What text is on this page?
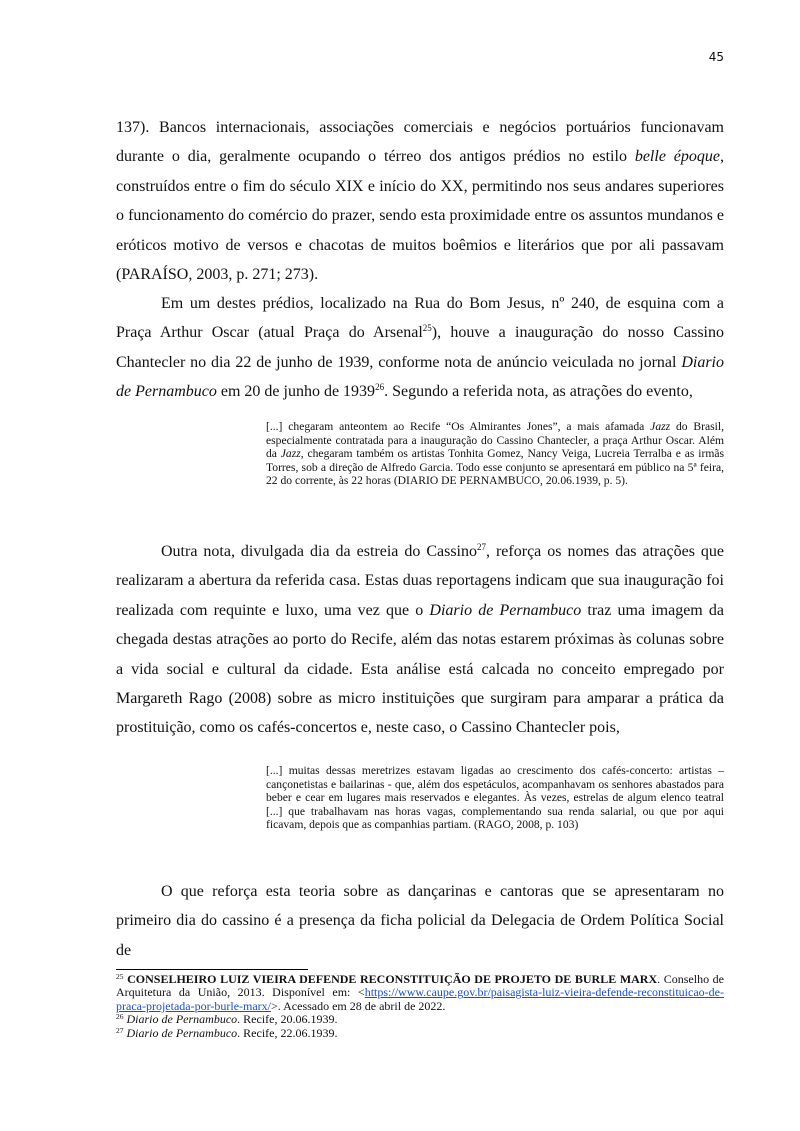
45

137). Bancos internacionais, associações comerciais e negócios portuários funcionavam durante o dia, geralmente ocupando o térreo dos antigos prédios no estilo belle époque, construídos entre o fim do século XIX e início do XX, permitindo nos seus andares superiores o funcionamento do comércio do prazer, sendo esta proximidade entre os assuntos mundanos e eróticos motivo de versos e chacotas de muitos boêmios e literários que por ali passavam (PARAÍSO, 2003, p. 271; 273).

Em um destes prédios, localizado na Rua do Bom Jesus, nº 240, de esquina com a Praça Arthur Oscar (atual Praça do Arsenal$^{25}$), houve a inauguração do nosso Cassino Chantecler no dia 22 de junho de 1939, conforme nota de anúncio veiculada no jornal Diario de Pernambuco em 20 de junho de 1939$^{26}$. Segundo a referida nota, as atrações do evento,

[...] chegaram anteontem ao Recife “Os Almirantes Jones”, a mais afamada Jazz do Brasil, especialmente contratada para a inauguração do Cassino Chantecler, a praça Arthur Oscar. Além da Jazz, chegaram também os artistas Tonhita Gomez, Nancy Veiga, Lucreia Terralba e as irmãs Torres, sob a direção de Alfredo Garcia. Todo esse conjunto se apresentará em público na 5ª feira, 22 do corrente, às 22 horas (DIARIO DE PERNAMBUCO, 20.06.1939, p. 5).

Outra nota, divulgada dia da estreia do Cassino$^{27}$, reforça os nomes das atrações que realizaram a abertura da referida casa. Estas duas reportagens indicam que sua inauguração foi realizada com requinte e luxo, uma vez que o Diario de Pernambuco traz uma imagem da chegada destas atrações ao porto do Recife, além das notas estarem próximas às colunas sobre a vida social e cultural da cidade. Esta análise está calcada no conceito empregado por Margareth Rago (2008) sobre as micro instituições que surgiram para amparar a prática da prostituição, como os cafés-concertos e, neste caso, o Cassino Chantecler pois,

[...] muitas dessas meretrizes estavam ligadas ao crescimento dos cafés-concerto: artistas – cançonetistas e bailarinas - que, além dos espetáculos, acompanhavam os senhores abastados para beber e cear em lugares mais reservados e elegantes. Às vezes, estrelas de algum elenco teatral [...] que trabalhavam nas horas vagas, complementando sua renda salarial, ou que por aqui ficavam, depois que as companhias partiam. (RAGO, 2008, p. 103)

O que reforça esta teoria sobre as dançarinas e cantoras que se apresentaram no primeiro dia do cassino é a presença da ficha policial da Delegacia de Ordem Política Social de

$^{25}$ CONSELHEIRO LUIZ VIEIRA DEFENDE RECONSTITUIÇÃO DE PROJETO DE BURLE MARX. Conselho de Arquitetura da União, 2013. Disponível em: <https://www.caupe.gov.br/paisagista-luiz-vieira-defende-reconstituicao-de-praca-projetada-por-burle-marx/>. Acessado em 28 de abril de 2022.

$^{26}$ Diario de Pernambuco. Recife, 20.06.1939.

$^{27}$ Diario de Pernambuco. Recife, 22.06.1939.
